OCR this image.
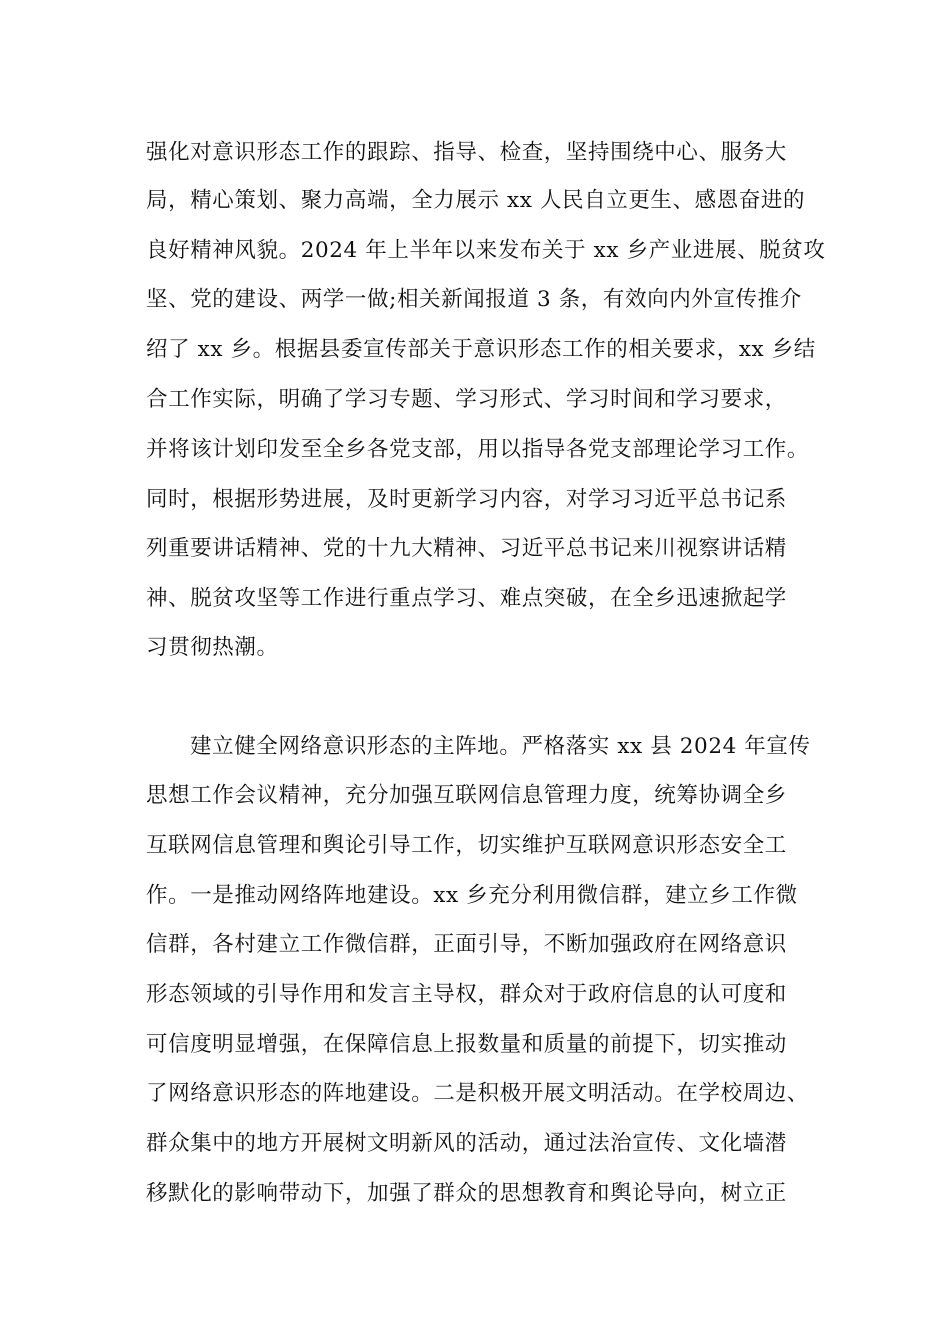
强化对意识形态工作的跟踪、指导、检查，坚持围绕中心、服务大
局，精心策划、聚力高端，全力展示 xx 人民自立更生、感恩奋进的
良好精神风貌。2024 年上半年以来发布关于 xx 乡产业进展、脱贫攻
坚、党的建设、两学一做;相关新闻报道 3 条，有效向内外宣传推介
绍了 xx 乡。根据县委宣传部关于意识形态工作的相关要求，xx 乡结
合工作实际，明确了学习专题、学习形式、学习时间和学习要求，
并将该计划印发至全乡各党支部，用以指导各党支部理论学习工作。
同时，根据形势进展，及时更新学习内容，对学习习近平总书记系
列重要讲话精神、党的十九大精神、习近平总书记来川视察讲话精
神、脱贫攻坚等工作进行重点学习、难点突破，在全乡迅速掀起学
习贯彻热潮。
建立健全网络意识形态的主阵地。严格落实 xx 县 2024 年宣传
思想工作会议精神，充分加强互联网信息管理力度，统筹协调全乡
互联网信息管理和舆论引导工作，切实维护互联网意识形态安全工
作。一是推动网络阵地建设。xx 乡充分利用微信群，建立乡工作微
信群，各村建立工作微信群，正面引导，不断加强政府在网络意识
形态领域的引导作用和发言主导权，群众对于政府信息的认可度和
可信度明显增强，在保障信息上报数量和质量的前提下，切实推动
了网络意识形态的阵地建设。二是积极开展文明活动。在学校周边、
群众集中的地方开展树文明新风的活动，通过法治宣传、文化墙潜
移默化的影响带动下，加强了群众的思想教育和舆论导向，树立正
